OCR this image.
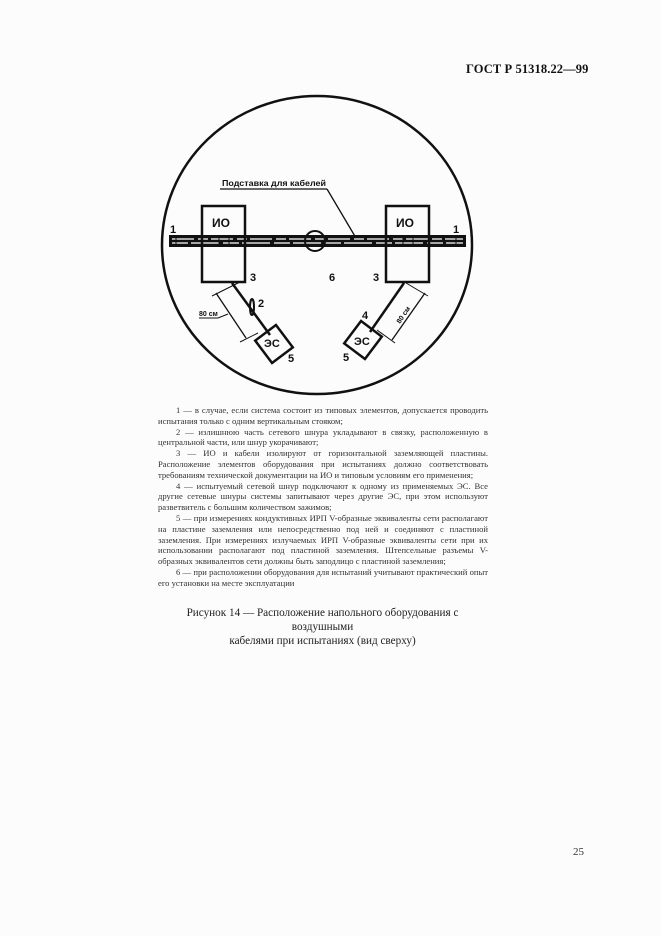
ГОСТ Р 51318.22—99
Подставка для кабелей
ЭС
80 см
ЭС
80 см
ИО	ИО
1	1
3	3
6
2
4
5	5

1 — в случае, если система состоит из типовых элементов, допускается проводить испытания только с одним вертикальным стояком;

2 — излишнюю часть сетевого шнура укладывают в связку, расположенную в центральной части, или шнур укорачивают;

3 — ИО и кабели изолируют от горизонтальной заземляющей пластины. Расположение элементов оборудования при испытаниях должно соответствовать требованиям технической документации на ИО и типовым условиям его применения;

4 — испытуемый сетевой шнур подключают к одному из применяемых ЭС. Все другие сетевые шнуры системы запитывают через другие ЭС, при этом используют разветвитель с большим количеством зажимов;

5 — при измерениях кондуктивных ИРП V-образные эквиваленты сети располагают на пластине заземления или непосредственно под ней и соединяют с пластиной заземления. При измерениях излучаемых ИРП V-образные эквиваленты сети при их использовании располагают под пластиной заземления. Штепсельные разъемы V-образных эквивалентов сети должны быть заподлицо с пластиной заземления;

6 — при расположении оборудования для испытаний учитывают практический опыт его установки на месте эксплуатации

Рисунок 14 — Расположение напольного оборудования с воздушными
кабелями при испытаниях (вид сверху)
25
